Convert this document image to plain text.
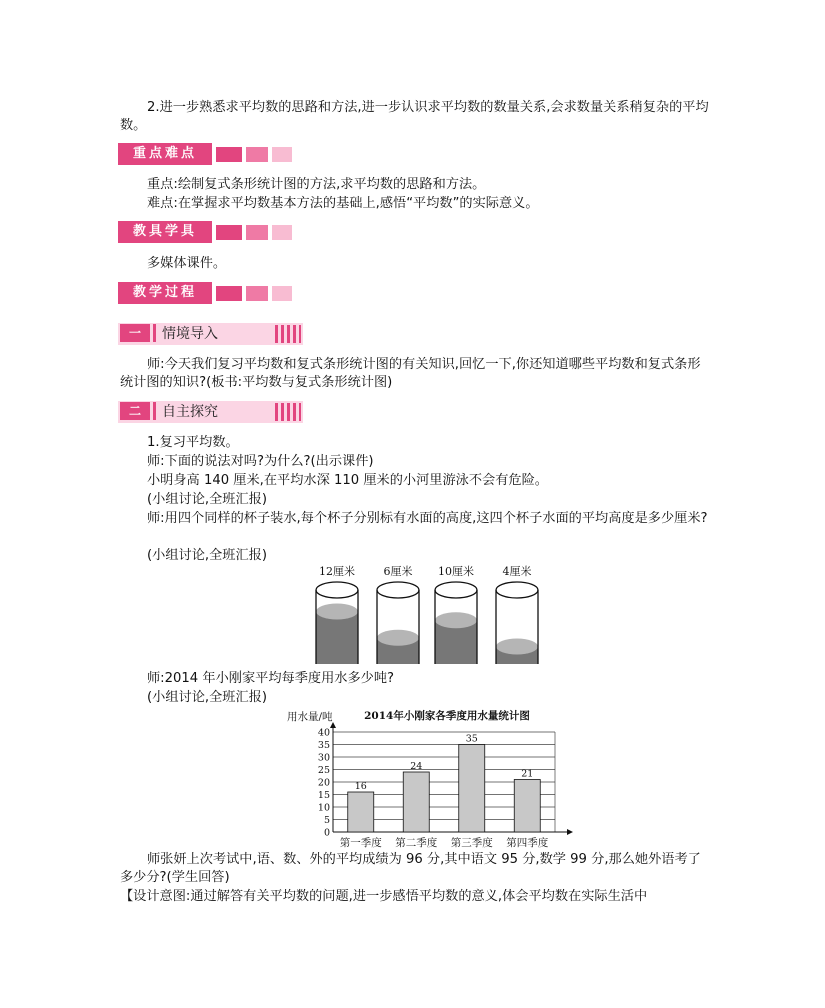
2.进一步熟悉求平均数的思路和方法,进一步认识求平均数的数量关系,会求数量关系稍复杂的平均数。

重点难点

重点:绘制复式条形统计图的方法,求平均数的思路和方法。

难点:在掌握求平均数基本方法的基础上,感悟“平均数”的实际意义。

教具学具

多媒体课件。

教学过程
一	情境导入

师:今天我们复习平均数和复式条形统计图的有关知识,回忆一下,你还知道哪些平均数和复式条形统计图的知识?(板书:平均数与复式条形统计图)

二	自主探究

1.复习平均数。

师:下面的说法对吗?为什么?(出示课件)

小明身高 140 厘米,在平均水深 110 厘米的小河里游泳不会有危险。

(小组讨论,全班汇报)

师:用四个同样的杯子装水,每个杯子分别标有水面的高度,这四个杯子水面的平均高度是多少厘米?

(小组讨论,全班汇报)

12厘米	6厘米 10厘米	4厘米

师:2014 年小刚家平均每季度用水多少吨?

(小组讨论,全班汇报)

2014年小刚家各季度用水量统计图
用水量/吨
0
5
10
15
20
25
30
35
40
16
第一季度
24
第二季度
35
第三季度
21
第四季度

师张妍上次考试中,语、数、外的平均成绩为 96 分,其中语文 95 分,数学 99 分,那么她外语考了多少分?(学生回答)

【设计意图:通过解答有关平均数的问题,进一步感悟平均数的意义,体会平均数在实际生活中
